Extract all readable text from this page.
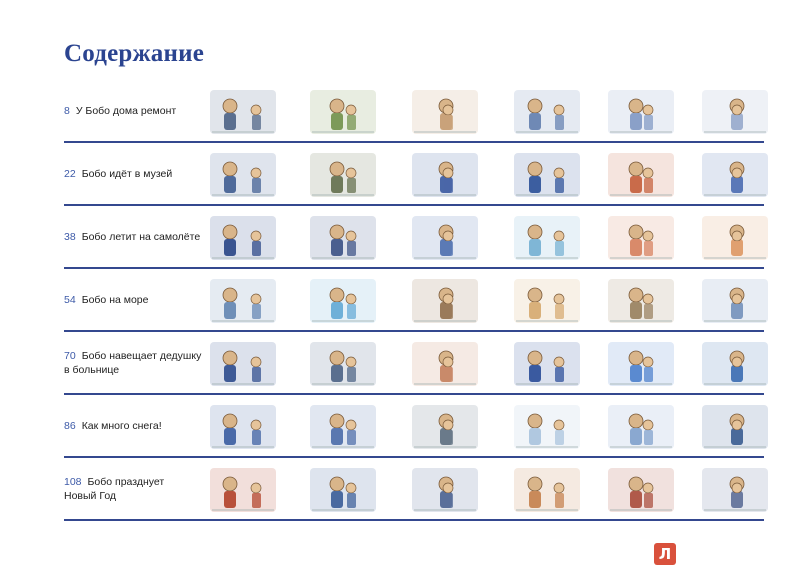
Содержание
8 У Бобо дома ремонт
22 Бобо идёт в музей
38 Бобо летит на самолёте
54 Бобо на море
70 Бобо навещает дедушку
в больнице
86 Как много снега!
108 Бобо празднует
Новый Год
Л
